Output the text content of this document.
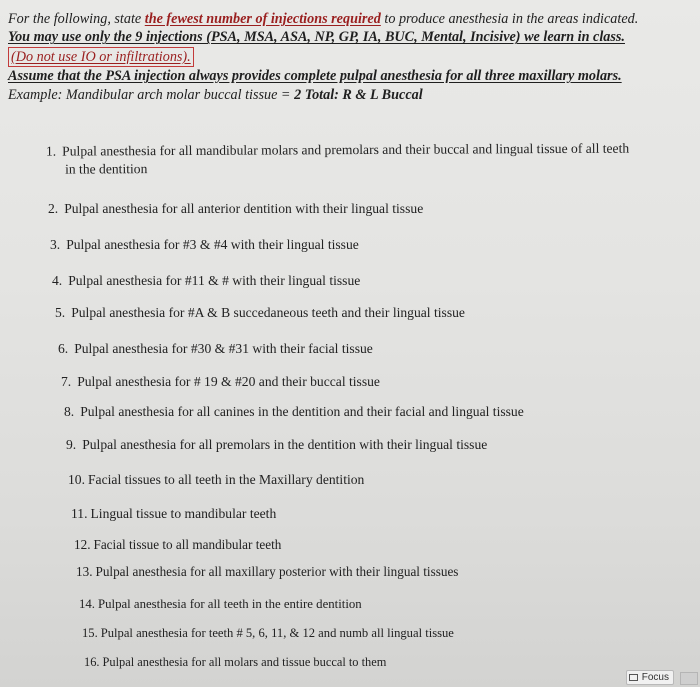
For the following, state the fewest number of injections required to produce anesthesia in the areas indicated.
You may use only the 9 injections (PSA, MSA, ASA, NP, GP, IA, BUC, Mental, Incisive) we learn in class.
(Do not use IO or infiltrations).
Assume that the PSA injection always provides complete pulpal anesthesia for all three maxillary molars.
Example: Mandibular arch molar buccal tissue = 2 Total: R & L Buccal
1. Pulpal anesthesia for all mandibular molars and premolars and their buccal and lingual tissue of all teeth
in the dentition
2. Pulpal anesthesia for all anterior dentition with their lingual tissue
3. Pulpal anesthesia for #3 & #4 with their lingual tissue
4. Pulpal anesthesia for #11 & # with their lingual tissue
5. Pulpal anesthesia for #A & B succedaneous teeth and their lingual tissue
6. Pulpal anesthesia for #30 & #31 with their facial tissue
7. Pulpal anesthesia for # 19 & #20 and their buccal tissue
8. Pulpal anesthesia for all canines in the dentition and their facial and lingual tissue
9. Pulpal anesthesia for all premolars in the dentition with their lingual tissue
10. Facial tissues to all teeth in the Maxillary dentition
11. Lingual tissue to mandibular teeth
12. Facial tissue to all mandibular teeth
13. Pulpal anesthesia for all maxillary posterior with their lingual tissues
14. Pulpal anesthesia for all teeth in the entire dentition
15. Pulpal anesthesia for teeth # 5, 6, 11, & 12 and numb all lingual tissue
16. Pulpal anesthesia for all molars and tissue buccal to them
Focus
